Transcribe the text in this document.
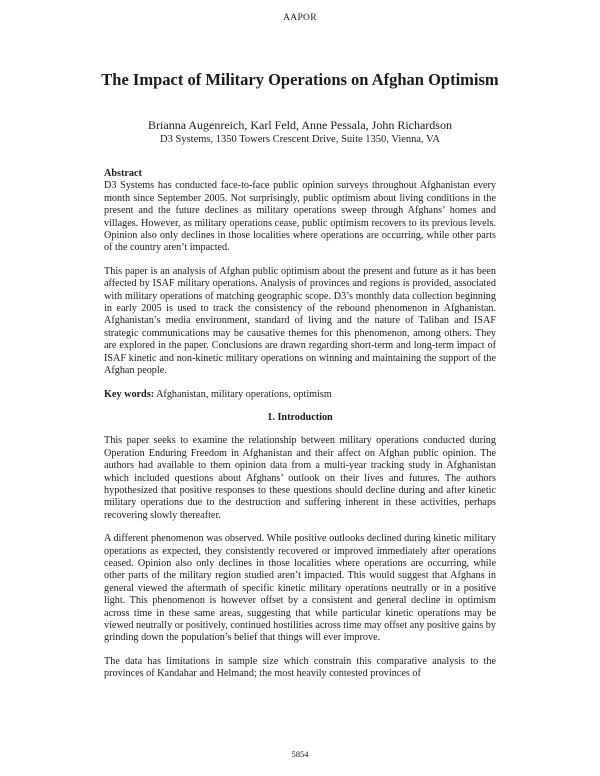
AAPOR
The Impact of Military Operations on Afghan Optimism
Brianna Augenreich, Karl Feld, Anne Pessala, John Richardson
D3 Systems, 1350 Towers Crescent Drive, Suite 1350, Vienna, VA

Abstract

D3 Systems has conducted face-to-face public opinion surveys throughout Afghanistan every month since September 2005. Not surprisingly, public optimism about living conditions in the present and the future declines as military operations sweep through Afghans’ homes and villages. However, as military operations cease, public optimism recovers to its previous levels. Opinion also only declines in those localities where operations are occurring, while other parts of the country aren’t impacted.

This paper is an analysis of Afghan public optimism about the present and future as it has been affected by ISAF military operations. Analysis of provinces and regions is provided, associated with military operations of matching geographic scope. D3’s monthly data collection beginning in early 2005 is used to track the consistency of the rebound phenomenon in Afghanistan. Afghanistan’s media environment, standard of living and the nature of Taliban and ISAF strategic communications may be causative themes for this phenomenon, among others. They are explored in the paper. Conclusions are drawn regarding short-term and long-term impact of ISAF kinetic and non-kinetic military operations on winning and maintaining the support of the Afghan people.

Key words: Afghanistan, military operations, optimism

1. Introduction

This paper seeks to examine the relationship between military operations conducted during Operation Enduring Freedom in Afghanistan and their affect on Afghan public opinion. The authors had available to them opinion data from a multi-year tracking study in Afghanistan which included questions about Afghans’ outlook on their lives and futures. The authors hypothesized that positive responses to these questions should decline during and after kinetic military operations due to the destruction and suffering inherent in these activities, perhaps recovering slowly thereafter.

A different phenomenon was observed. While positive outlooks declined during kinetic military operations as expected, they consistently recovered or improved immediately after operations ceased. Opinion also only declines in those localities where operations are occurring, while other parts of the military region studied aren’t impacted. This would suggest that Afghans in general viewed the aftermath of specific kinetic military operations neutrally or in a positive light. This phenomenon is however offset by a consistent and general decline in optimism across time in these same areas, suggesting that while particular kinetic operations may be viewed neutrally or positively, continued hostilities across time may offset any positive gains by grinding down the population’s belief that things will ever improve.

The data has limitations in sample size which constrain this comparative analysis to the provinces of Kandahar and Helmand; the most heavily contested provinces of

5854
